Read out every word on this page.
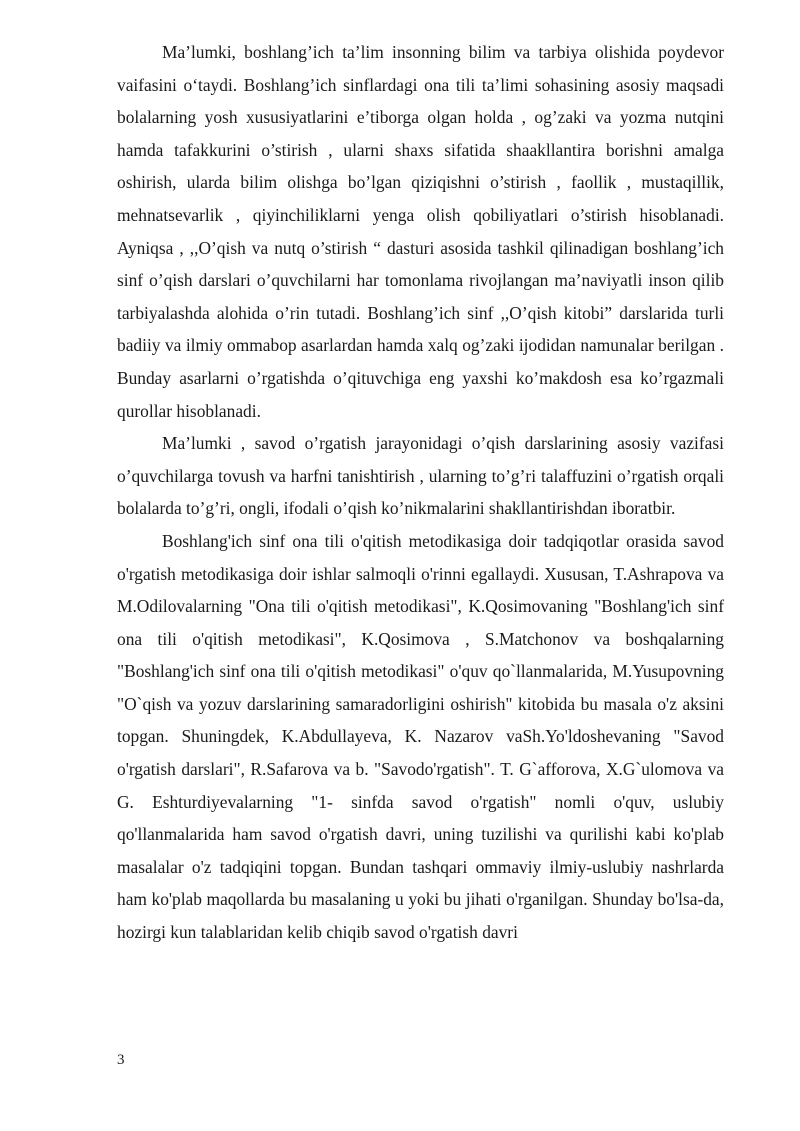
Ma’lumki, boshlang’ich ta’lim insonning bilim va tarbiya olishida poydevor vaifasini o‘taydi. Boshlang’ich sinflardagi ona tili ta’limi sohasining asosiy maqsadi bolalarning yosh xususiyatlarini e’tiborga olgan holda , og’zaki va yozma nutqini hamda tafakkurini o’stirish , ularni shaxs sifatida shaakllantira borishni amalga oshirish, ularda bilim olishga bo’lgan qiziqishni o’stirish , faollik , mustaqillik, mehnatsevarlik , qiyinchiliklarni yenga olish qobiliyatlari o’stirish hisoblanadi. Ayniqsa , ,,O’qish va nutq o’stirish “ dasturi asosida tashkil qilinadigan boshlang’ich sinf o’qish darslari o’quvchilarni har tomonlama rivojlangan ma’naviyatli inson qilib tarbiyalashda alohida o’rin tutadi. Boshlang’ich sinf ,,O’qish kitobi” darslarida turli badiiy va ilmiy ommabop asarlardan hamda xalq og’zaki ijodidan namunalar berilgan . Bunday asarlarni o’rgatishda o’qituvchiga eng yaxshi ko’makdosh esa ko’rgazmali qurollar hisoblanadi.

Ma’lumki , savod o’rgatish jarayonidagi o’qish darslarining asosiy vazifasi o’quvchilarga tovush va harfni tanishtirish , ularning to’g’ri talaffuzini o’rgatish orqali bolalarda to’g’ri, ongli, ifodali o’qish ko’nikmalarini shakllantirishdan iboratbir.

Boshlang'ich sinf ona tili o'qitish metodikasiga doir tadqiqotlar orasida savod o'rgatish metodikasiga doir ishlar salmoqli o'rinni egallaydi. Xususan, T.Ashrapova va M.Odilovalarning "Ona tili o'qitish metodikasi", K.Qosimovaning "Boshlang'ich sinf ona tili o'qitish metodikasi", K.Qosimova , S.Matchonov va boshqalarning "Boshlang'ich sinf ona tili o'qitish metodikasi" o'quv qo`llanmalarida, M.Yusupovning "O`qish va yozuv darslarining samaradorligini oshirish" kitobida bu masala o'z aksini topgan. Shuningdek, K.Abdullayeva, K. Nazarov vaSh.Yo'ldoshevaning "Savod o'rgatish darslari", R.Safarova va b. "Savodo'rgatish". T. G`afforova, X.G`ulomova va G. Eshturdiyevalarning "1- sinfda savod o'rgatish" nomli o'quv, uslubiy qo'llanmalarida ham savod o'rgatish davri, uning tuzilishi va qurilishi kabi ko'plab masalalar o'z tadqiqini topgan. Bundan tashqari ommaviy ilmiy-uslubiy nashrlarda ham ko'plab maqollarda bu masalaning u yoki bu jihati o'rganilgan. Shunday bo'lsa-da, hozirgi kun talablaridan kelib chiqib savod o'rgatish davri

3
